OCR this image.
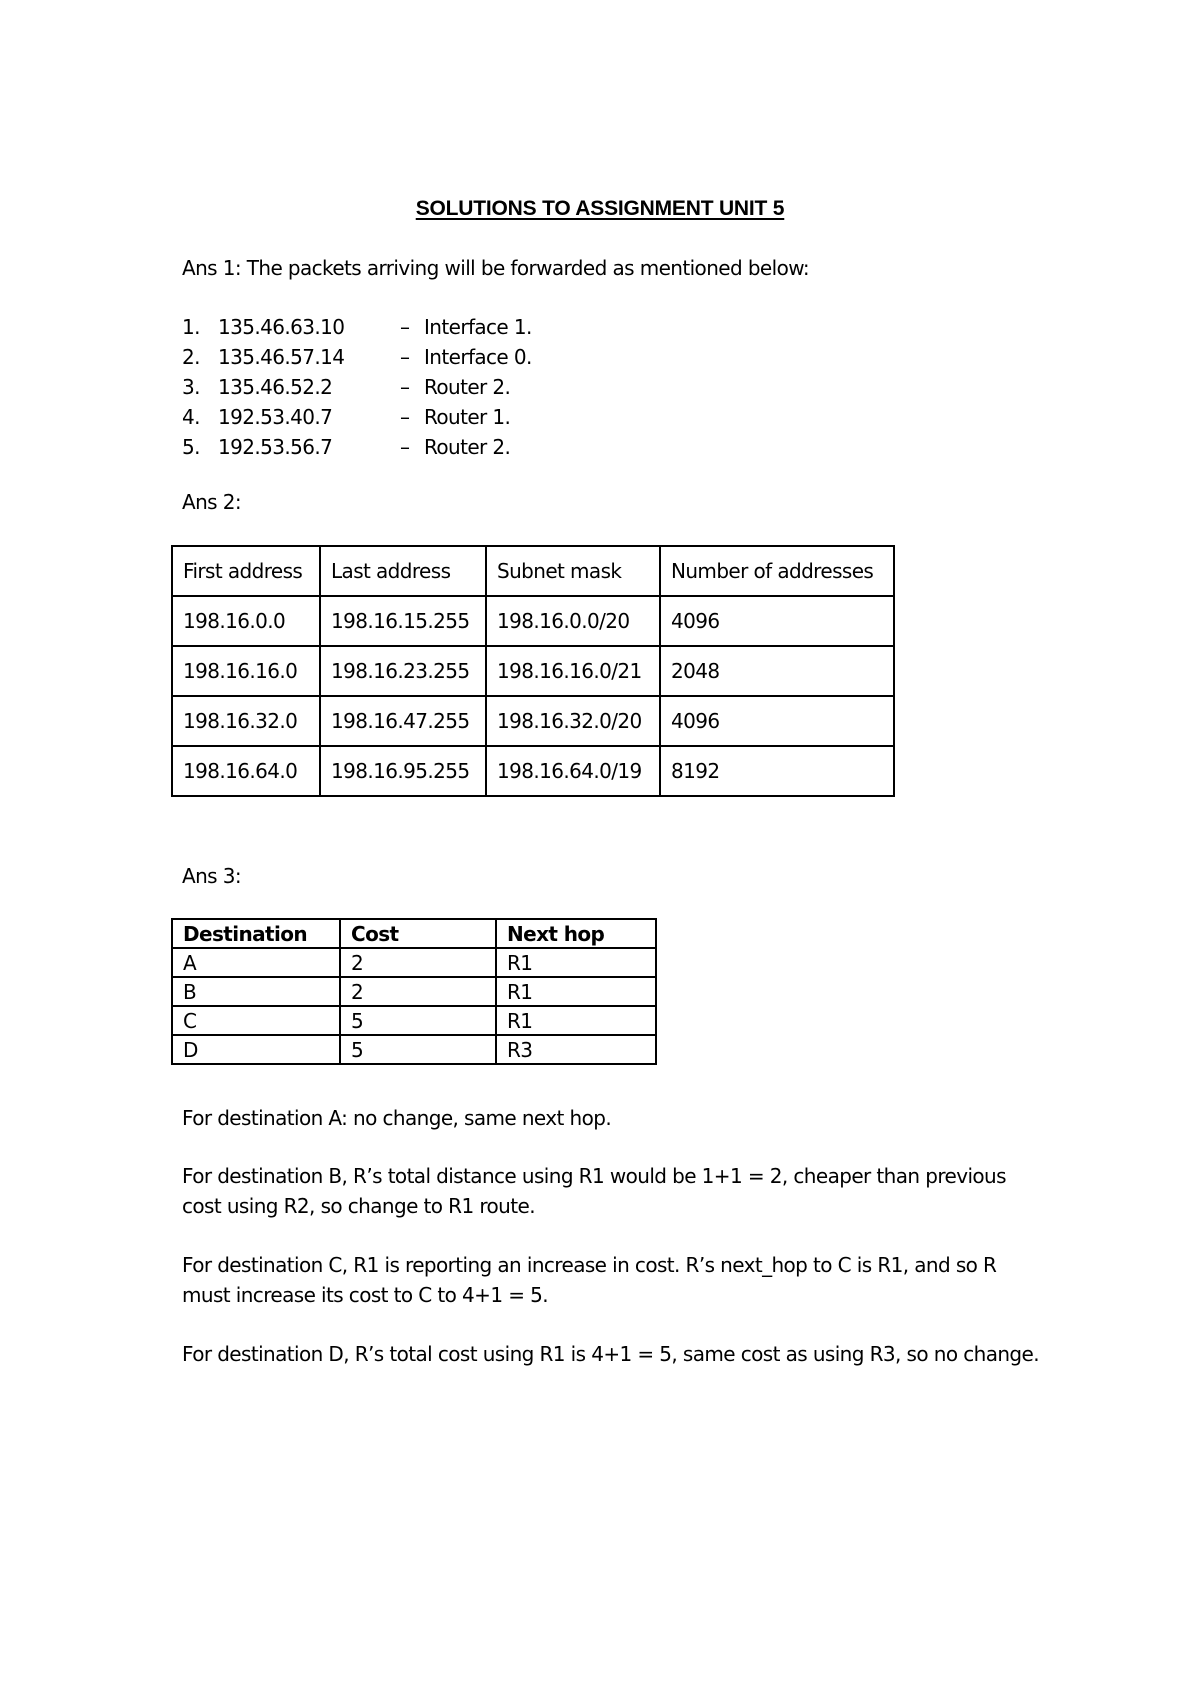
SOLUTIONS TO ASSIGNMENT UNIT 5

Ans 1: The packets arriving will be forwarded as mentioned below:

1. 135.46.63.10	– Interface 1.
2. 135.46.57.14	– Interface 0.
3. 135.46.52.2	– Router 2.
4. 192.53.40.7	– Router 1.
5. 192.53.56.7	– Router 2.

Ans 2:

First address	Last address	Subnet mask	Number of addresses
198.16.0.0	198.16.15.255	198.16.0.0/20	4096
198.16.16.0	198.16.23.255	198.16.16.0/21	2048
198.16.32.0	198.16.47.255	198.16.32.0/20	4096
198.16.64.0	198.16.95.255	198.16.64.0/19	8192

Ans 3:

Destination	Cost	Next hop
A	2	R1
B	2	R1
C	5	R1
D	5	R3

For destination A: no change, same next hop.

For destination B, R’s total distance using R1 would be 1+1 = 2, cheaper than previous cost using R2, so change to R1 route.

For destination C, R1 is reporting an increase in cost. R’s next_hop to C is R1, and so R must increase its cost to C to 4+1 = 5.

For destination D, R’s total cost using R1 is 4+1 = 5, same cost as using R3, so no change.
